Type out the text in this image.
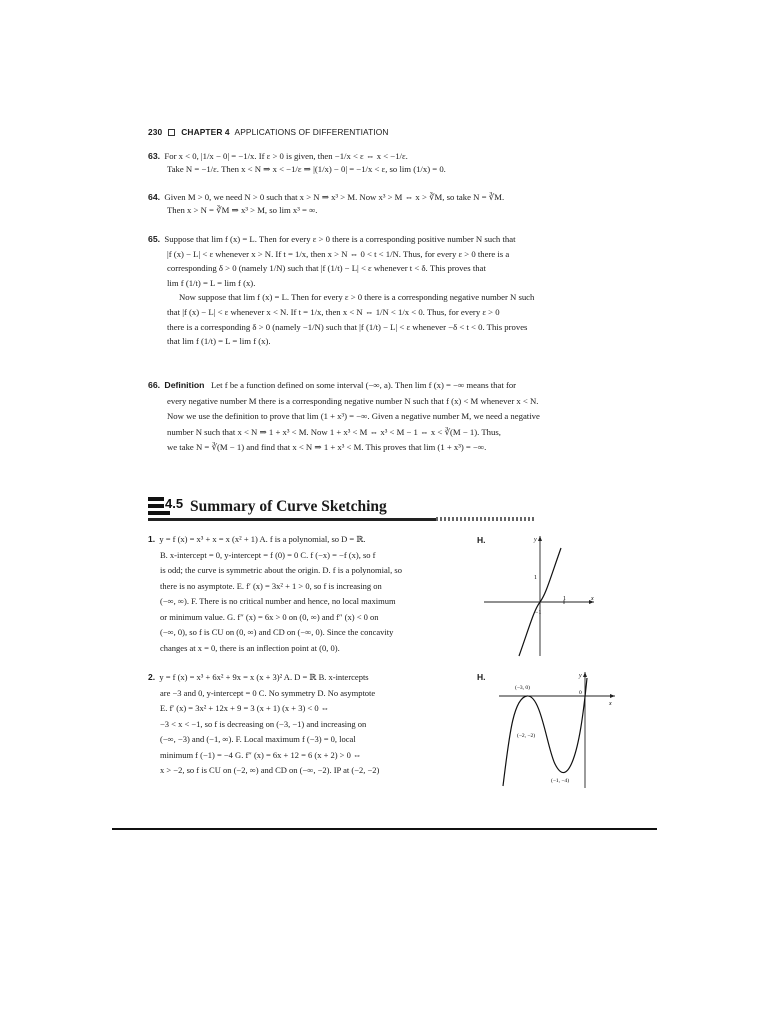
230 CHAPTER 4 APPLICATIONS OF DIFFERENTIATION
63. For x < 0, |1/x − 0| = −1/x. If ε > 0 is given, then −1/x < ε ⇔ x < −1/ε.
Take N = −1/ε. Then x < N ⇒ x < −1/ε ⇒ |(1/x) − 0| = −1/x < ε, so lim (1/x) = 0.
64. Given M > 0, we need N > 0 such that x > N ⇒ x³ > M. Now x³ > M ⇔ x > ∛M, so take N = ∛M.
Then x > N = ∛M ⇒ x³ > M, so lim x³ = ∞.
65. Suppose that lim f (x) = L. Then for every ε > 0 there is a corresponding positive number N such that
|f (x) − L| < ε whenever x > N. If t = 1/x, then x > N ⇔ 0 < t < 1/N. Thus, for every ε > 0 there is a
corresponding δ > 0 (namely 1/N) such that |f (1/t) − L| < ε whenever t < δ. This proves that
lim f (1/t) = L = lim f (x).
Now suppose that lim f (x) = L. Then for every ε > 0 there is a corresponding negative number N such
that |f (x) − L| < ε whenever x < N. If t = 1/x, then x < N ⇔ 1/N < 1/x < 0. Thus, for every ε > 0
there is a corresponding δ > 0 (namely −1/N) such that |f (1/t) − L| < ε whenever −δ < t < 0. This proves
that lim f (1/t) = L = lim f (x).
66. Definition Let f be a function defined on some interval (−∞, a). Then lim f (x) = −∞ means that for
every negative number M there is a corresponding negative number N such that f (x) < M whenever x < N.
Now we use the definition to prove that lim (1 + x³) = −∞. Given a negative number M, we need a negative
number N such that x < N ⇒ 1 + x³ < M. Now 1 + x³ < M ⇔ x³ < M − 1 ⇔ x < ∛(M − 1). Thus,
we take N = ∛(M − 1) and find that x < N ⇒ 1 + x³ < M. This proves that lim (1 + x³) = −∞.
4.5 Summary of Curve Sketching
1. y = f (x) = x³ + x = x (x² + 1) A. f is a polynomial, so D = ℝ.
B. x-intercept = 0, y-intercept = f (0) = 0 C. f (−x) = −f (x), so f
is odd; the curve is symmetric about the origin. D. f is a polynomial, so
there is no asymptote. E. f′ (x) = 3x² + 1 > 0, so f is increasing on
(−∞, ∞). F. There is no critical number and hence, no local maximum
or minimum value. G. f″ (x) = 6x > 0 on (0, ∞) and f″ (x) < 0 on
(−∞, 0), so f is CU on (0, ∞) and CD on (−∞, 0). Since the concavity
changes at x = 0, there is an inflection point at (0, 0).
H.	y
x
1
1
−1
2. y = f (x) = x³ + 6x² + 9x = x (x + 3)² A. D = ℝ B. x-intercepts
are −3 and 0, y-intercept = 0 C. No symmetry D. No asymptote
E. f′ (x) = 3x² + 12x + 9 = 3 (x + 1) (x + 3) < 0 ⇔
−3 < x < −1, so f is decreasing on (−3, −1) and increasing on
(−∞, −3) and (−1, ∞). F. Local maximum f (−3) = 0, local
minimum f (−1) = −4 G. f″ (x) = 6x + 12 = 6 (x + 2) > 0 ⇔
x > −2, so f is CU on (−2, ∞) and CD on (−∞, −2). IP at (−2, −2)
H.	y
x
(−3, 0)
0
(−2, −2)
(−1, −4)
